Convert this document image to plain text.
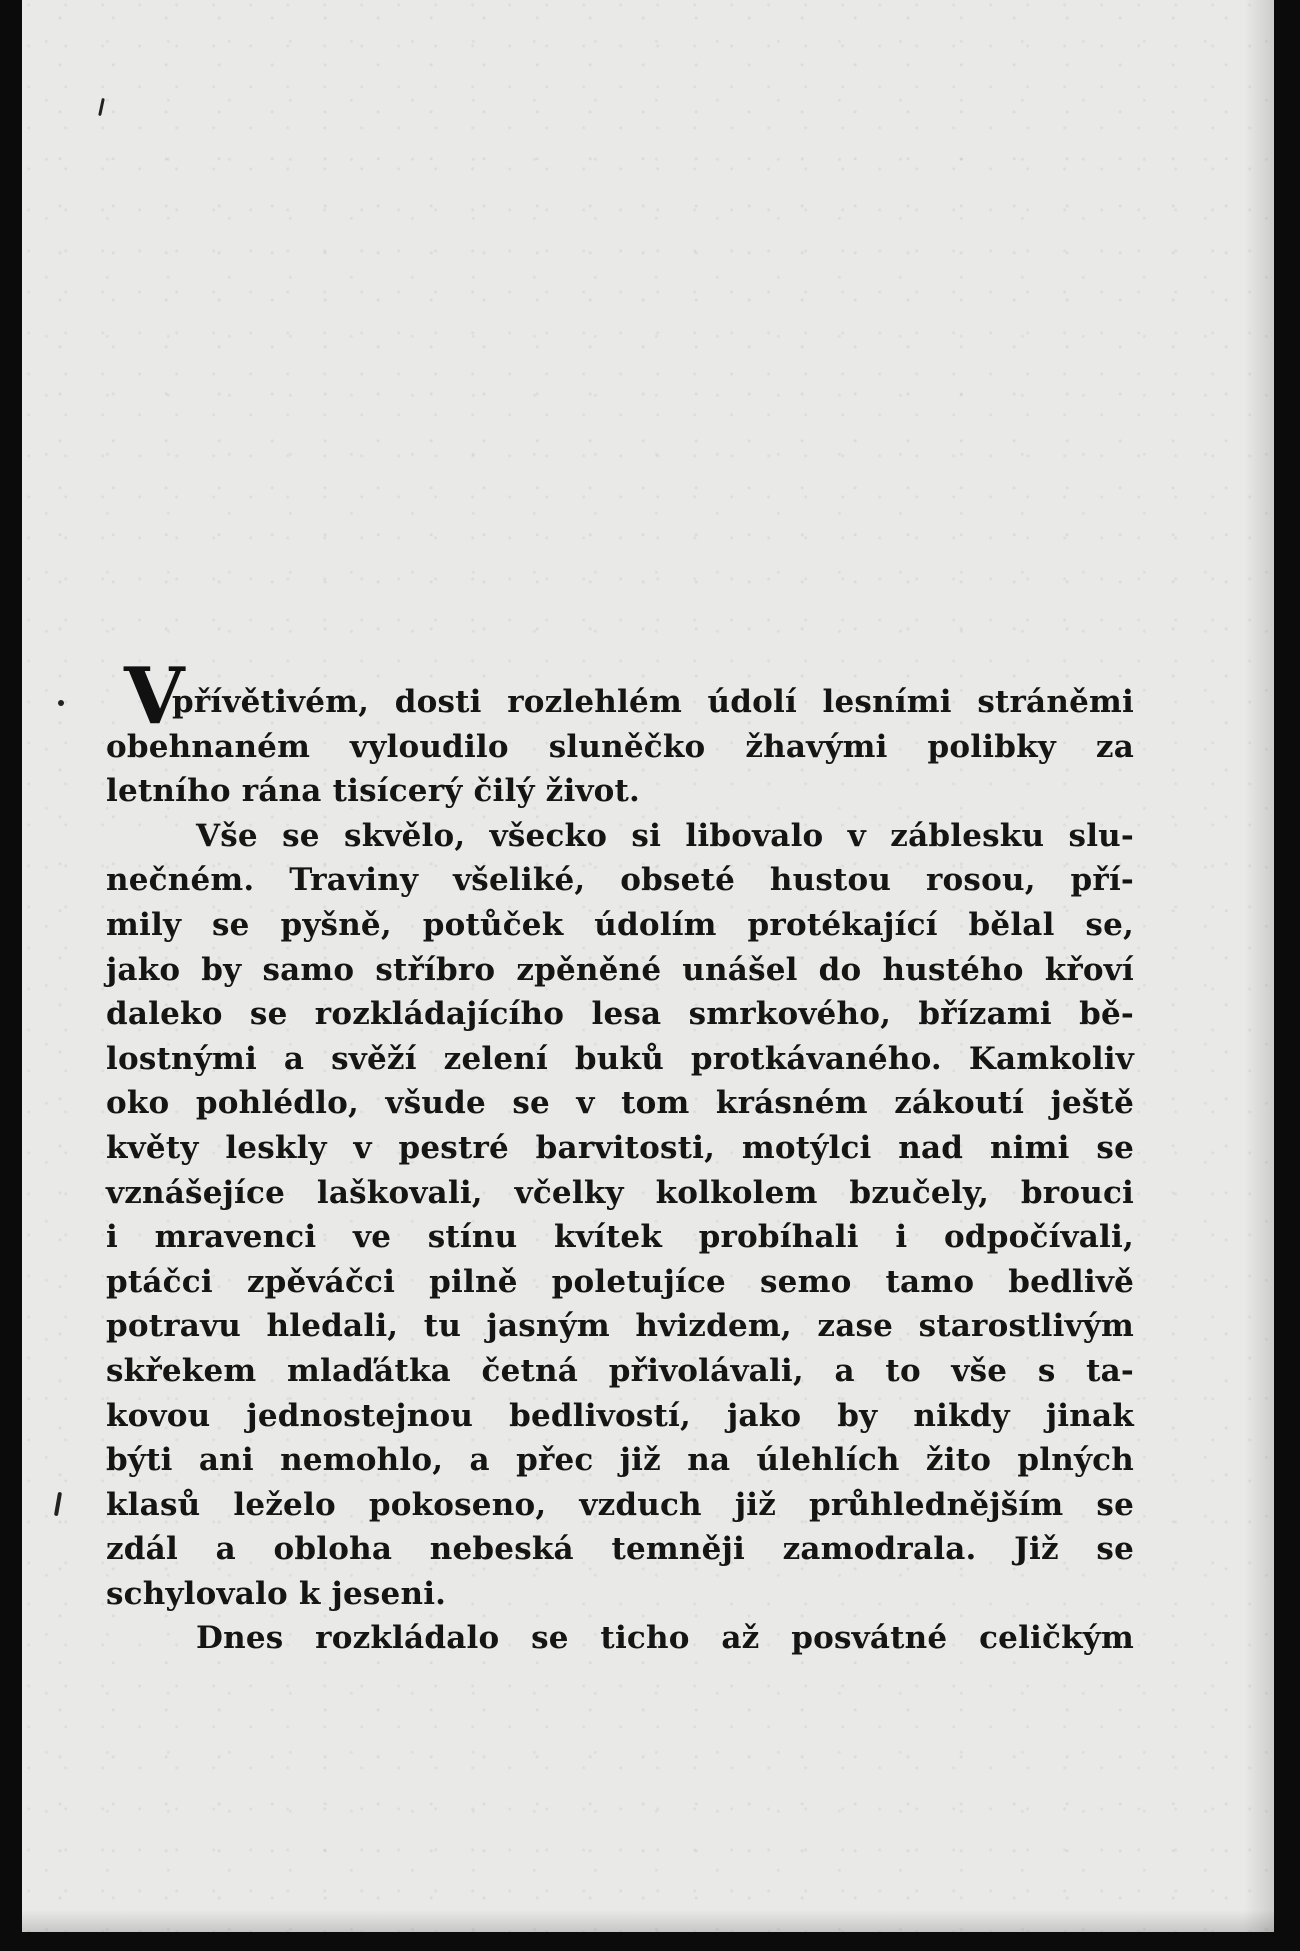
V
přívětivém, dosti rozlehlém údolí lesními stráněmi
obehnaném vyloudilo sluněčko žhavými polibky za
letního rána tisícerý čilý život.
Vše se skvělo, všecko si libovalo v záblesku slu-
nečném. Traviny všeliké, obseté hustou rosou, pří-
mily se pyšně, potůček údolím protékající bělal se,
jako by samo stříbro zpěněné unášel do hustého křoví
daleko se rozkládajícího lesa smrkového, břízami bě-
lostnými a svěží zelení buků protkávaného. Kamkoliv
oko pohlédlo, všude se v tom krásném zákoutí ještě
květy leskly v pestré barvitosti, motýlci nad nimi se
vznášejíce laškovali, včelky kolkolem bzučely, brouci
i mravenci ve stínu kvítek probíhali i odpočívali,
ptáčci zpěváčci pilně poletujíce semo tamo bedlivě
potravu hledali, tu jasným hvizdem, zase starostlivým
skřekem mlaďátka četná přivolávali, a to vše s ta-
kovou jednostejnou bedlivostí, jako by nikdy jinak
býti ani nemohlo, a přec již na úlehlích žito plných
klasů leželo pokoseno, vzduch již průhlednějším se
zdál a obloha nebeská temněji zamodrala. Již se
schylovalo k jeseni.
Dnes rozkládalo se ticho až posvátné celičkým
